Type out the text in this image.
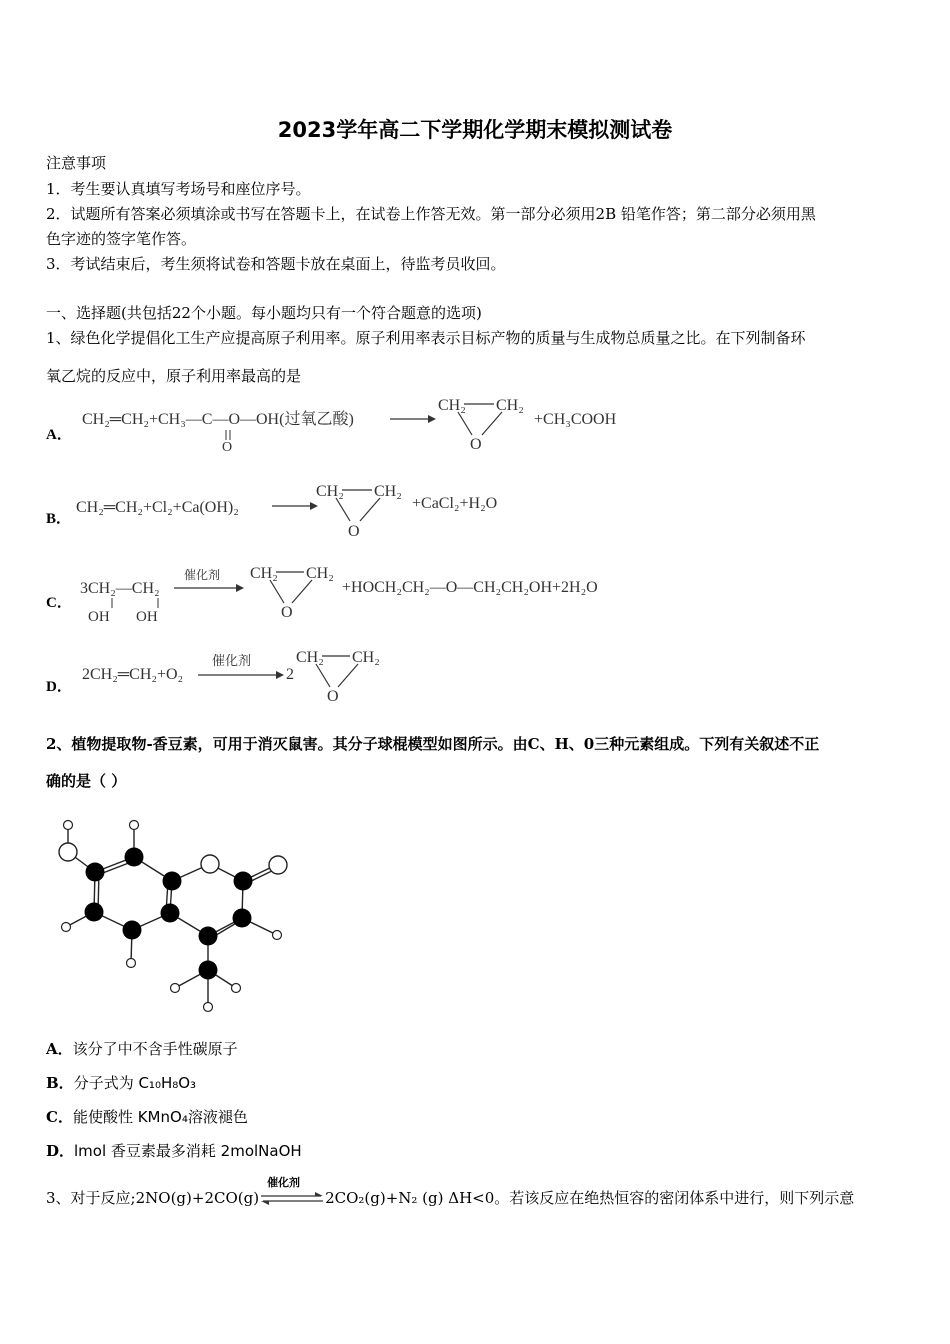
2023学年高二下学期化学期末模拟测试卷
注意事项
1．考生要认真填写考场号和座位序号。
2．试题所有答案必须填涂或书写在答题卡上，在试卷上作答无效。第一部分必须用2B 铅笔作答；第二部分必须用黑
色字迹的签字笔作答。
3．考试结束后，考生须将试卷和答题卡放在桌面上，待监考员收回。
一、选择题(共包括22个小题。每小题均只有一个符合题意的选项)
1、绿色化学提倡化工生产应提高原子利用率。原子利用率表示目标产物的质量与生成物总质量之比。在下列制备环
氧乙烷的反应中，原子利用率最高的是
A．
CH₂═CH₂+CH₃—C—O—OH(过氧乙酸)
O
CH₂ CH₂
O
+CH₃COOH
B．
CH₂═CH₂+Cl₂+Ca(OH)₂
CH₂ CH₂
O
+CaCl₂+H₂O
C．
3CH₂—CH₂
OH OH
催化剂 CH₂ CH₂
O
+HOCH₂CH₂—O—CH₂CH₂OH+2H₂O
D．
2CH₂═CH₂+O₂
催化剂
2
CH₂ CH₂
O
2、植物提取物-香豆素，可用于消灭鼠害。其分子球棍模型如图所示。由C、H、0三种元素组成。下列有关叙述不正
确的是（ ）
A．该分了中不含手性碳原子
B．分子式为 C₁₀H₈O₃
C．能使酸性 KMnO₄溶液褪色
D．lmol 香豆素最多消耗 2molNaOH
3、对于反应;2NO(g)+2CO(g)
催化剂
2CO₂(g)+N₂ (g) ΔH<0。若该反应在绝热恒容的密闭体系中进行，则下列示意
